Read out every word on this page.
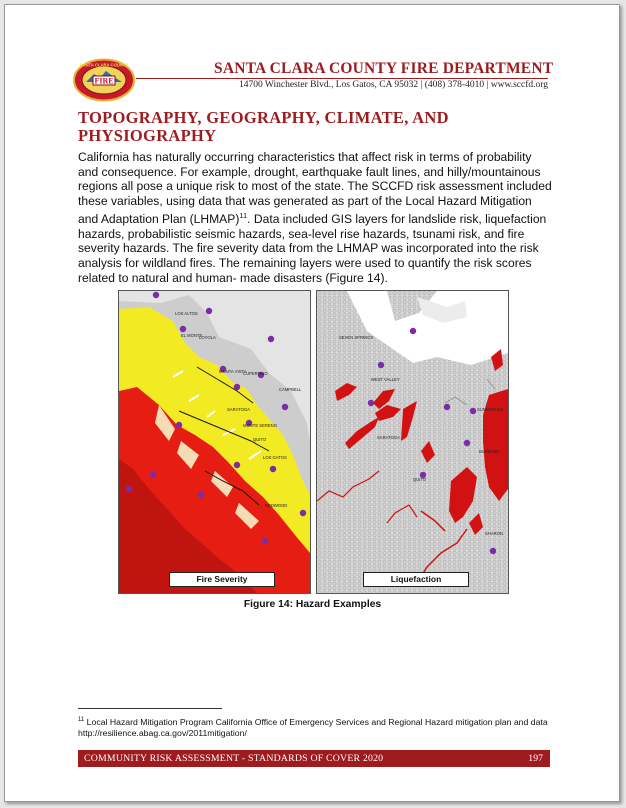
FIRE
SANTA CLARA COUNTY	SANTA CLARA COUNTY FIRE DEPARTMENT
14700 Winchester Blvd., Los Gatos, CA 95032 | (408) 378-4010 | www.sccfd.org
TOPOGRAPHY, GEOGRAPHY, CLIMATE, AND PHYSIOGRAPHY
California has naturally occurring characteristics that affect risk in terms of probability and consequence. For example, drought, earthquake fault lines, and hilly/mountainous regions all pose a unique risk to most of the state. The SCCFD risk assessment included these variables, using data that was generated as part of the Local Hazard Mitigation and Adaptation Plan (LHMAP)$^{11}$. Data included GIS layers for landslide risk, liquefaction hazards, probabilistic seismic hazards, sea-level rise hazards, tsunami risk, and fire severity hazards. The fire severity data from the LHMAP was incorporated into the risk analysis for wildland fires. The remaining layers were used to quantify the risk scores related to natural and human- made disasters (Figure 14).
LOS ALTOS
LOYOLA
EL MONTE
MONTA VISTA
CUPERTINO
SARATOGA
MONTE SERENO
LOS GATOS
CAMPBELL
REDWOOD
QUITO
Fire Severity
SEVEN SPRINGS
WEST VALLEY
SARATOGA
QUITO
SUNNYOAKS
BURBANK
SHARON
Liquefaction
Figure 14: Hazard Examples
$^{11}$ Local Hazard Mitigation Program California Office of Emergency Services and Regional Hazard mitigation plan and data http://resilience.abag.ca.gov/2011mitigation/
COMMUNITY RISK ASSESSMENT - STANDARDS OF COVER 2020	197
